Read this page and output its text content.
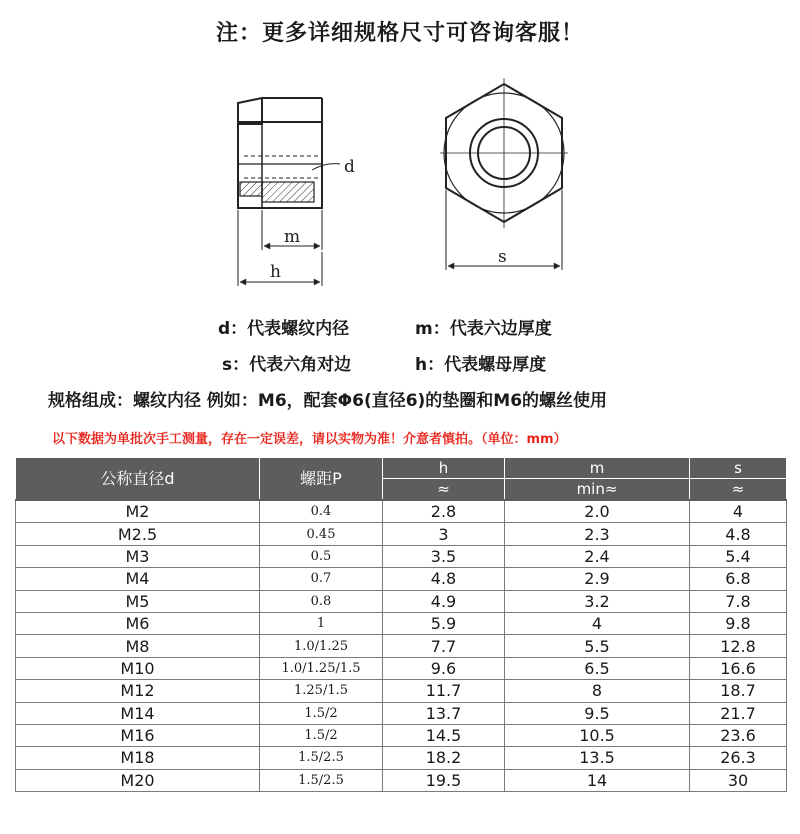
注：更多详细规格尺寸可咨询客服！
d
m
h
s
d：代表螺纹内径	m：代表六边厚度
s：代表六角对边	h：代表螺母厚度
规格组成：螺纹内径 例如：M6，配套Φ6(直径6)的垫圈和M6的螺丝使用
以下数据为单批次手工测量，存在一定误差，请以实物为准！介意者慎拍。（单位：mm）
公称直径d	螺距P	h	m	s
		≈	min≈	≈
M2	0.4	2.8	2.0	4
M2.5	0.45	3	2.3	4.8
M3	0.5	3.5	2.4	5.4
M4	0.7	4.8	2.9	6.8
M5	0.8	4.9	3.2	7.8
M6	1	5.9	4	9.8
M8	1.0/1.25	7.7	5.5	12.8
M10	1.0/1.25/1.5	9.6	6.5	16.6
M12	1.25/1.5	11.7	8	18.7
M14	1.5/2	13.7	9.5	21.7
M16	1.5/2	14.5	10.5	23.6
M18	1.5/2.5	18.2	13.5	26.3
M20	1.5/2.5	19.5	14	30
